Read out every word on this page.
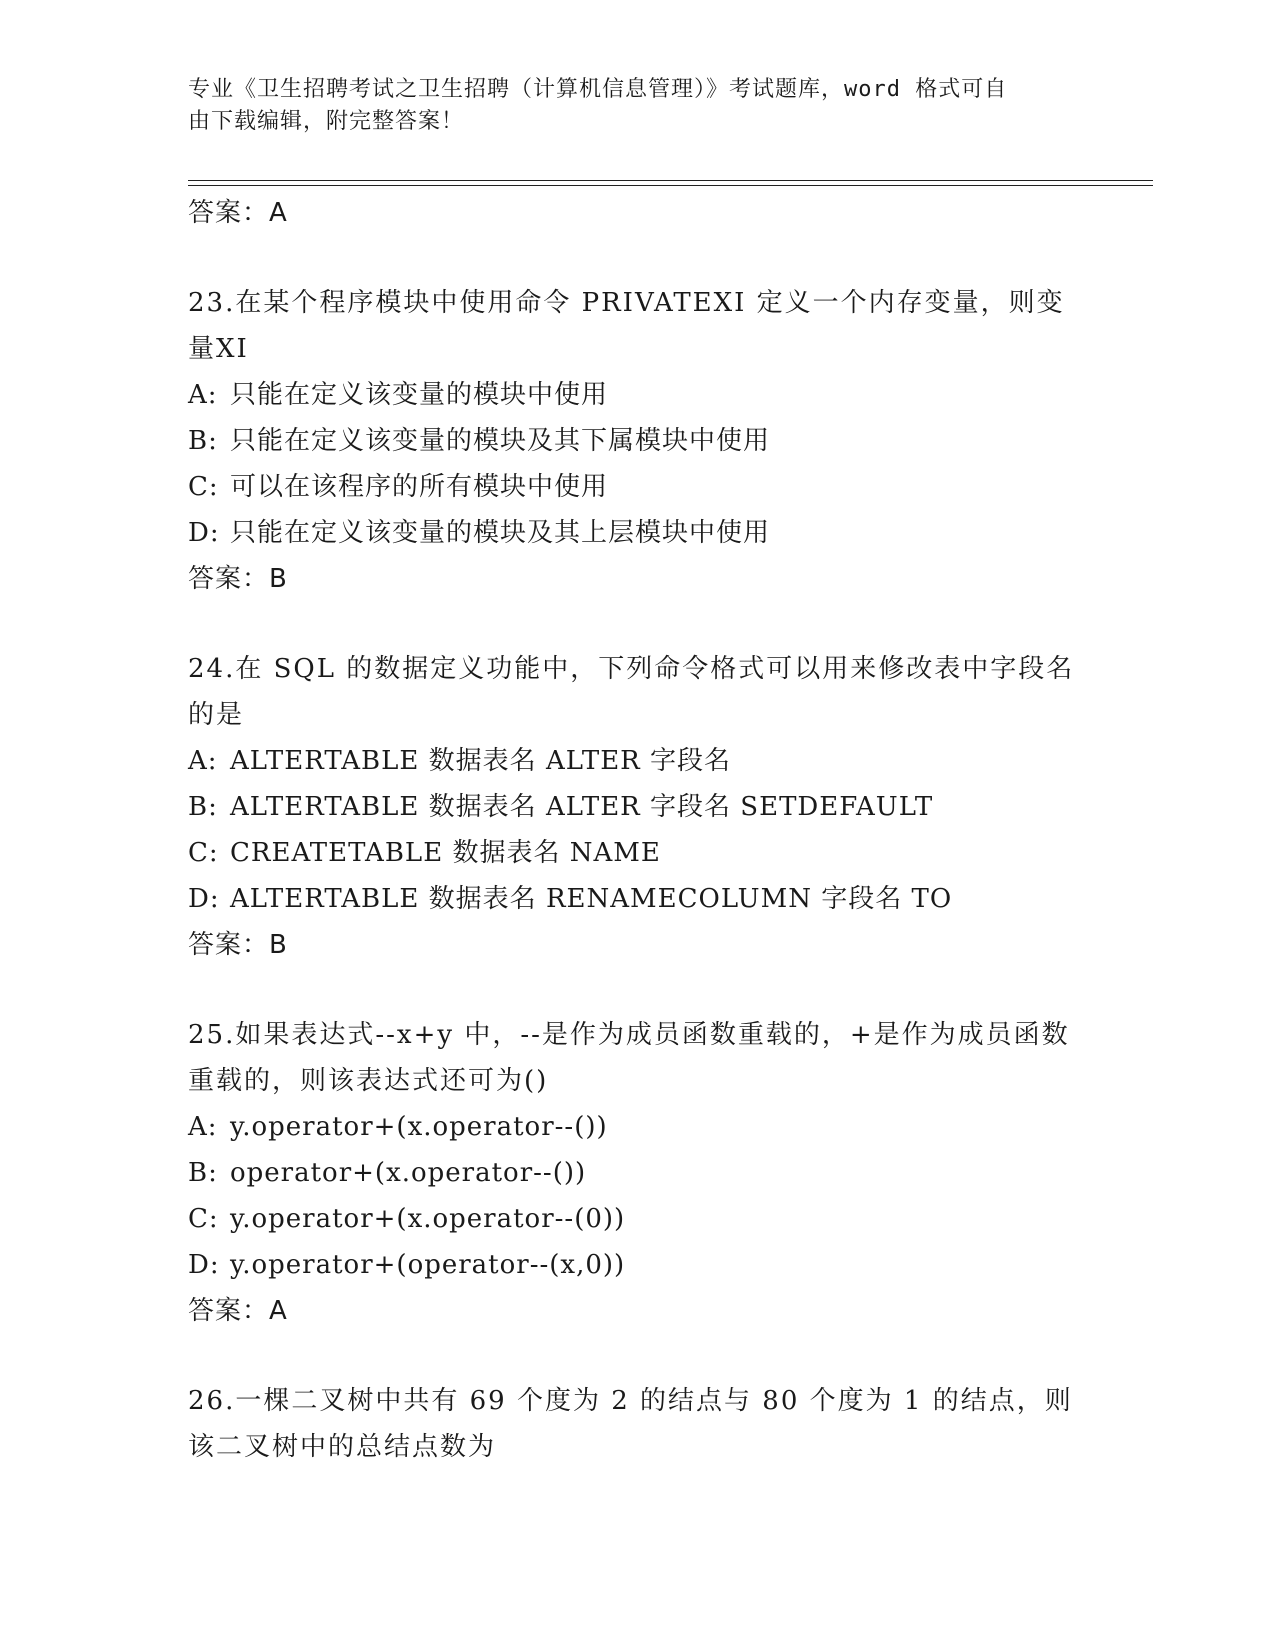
专业《卫生招聘考试之卫生招聘（计算机信息管理）》考试题库，word 格式可自
由下载编辑，附完整答案！
答案：A
23.在某个程序模块中使用命令 PRIVATEXI 定义一个内存变量，则变量XI
A: 只能在定义该变量的模块中使用
B: 只能在定义该变量的模块及其下属模块中使用
C: 可以在该程序的所有模块中使用
D: 只能在定义该变量的模块及其上层模块中使用
答案：B
24.在 SQL 的数据定义功能中，下列命令格式可以用来修改表中字段名的是
A: ALTERTABLE 数据表名 ALTER 字段名
B: ALTERTABLE 数据表名 ALTER 字段名 SETDEFAULT
C: CREATETABLE 数据表名 NAME
D: ALTERTABLE 数据表名 RENAMECOLUMN 字段名 TO
答案：B
25.如果表达式--x+y 中，--是作为成员函数重载的，+是作为成员函数重载的，则该表达式还可为()
A: y.operator+(x.operator--())
B: operator+(x.operator--())
C: y.operator+(x.operator--(0))
D: y.operator+(operator--(x,0))
答案：A
26.一棵二叉树中共有 69 个度为 2 的结点与 80 个度为 1 的结点，则该二叉树中的总结点数为
